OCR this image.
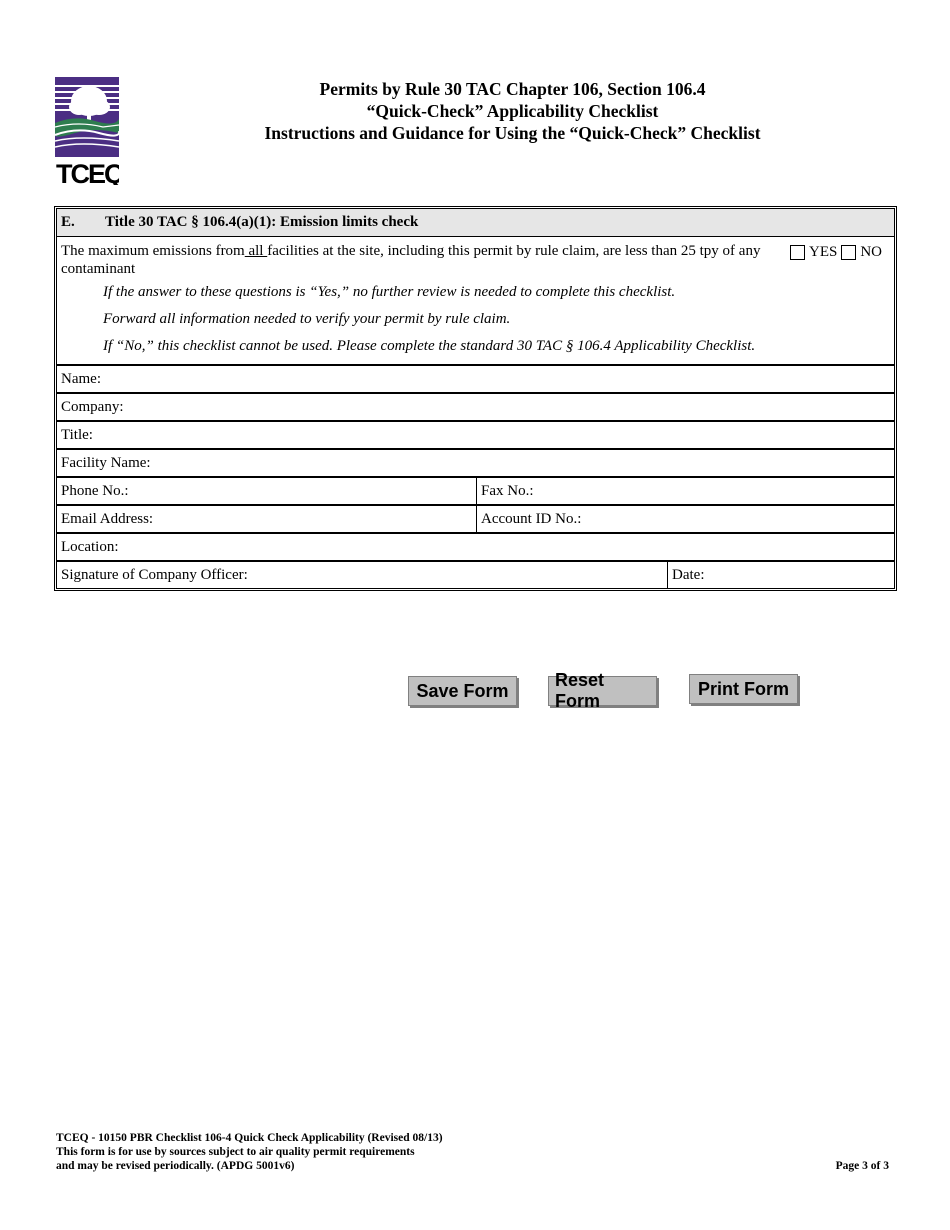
TCEQ
Permits by Rule 30 TAC Chapter 106, Section 106.4
“Quick-Check” Applicability Checklist
Instructions and Guidance for Using the “Quick-Check” Checklist
E.	Title 30 TAC § 106.4(a)(1): Emission limits check
The maximum emissions from all facilities at the site, including this permit by rule claim, are less than 25 tpy of any contaminant
YES NO
If the answer to these questions is “Yes,” no further review is needed to complete this checklist.
Forward all information needed to verify your permit by rule claim.
If “No,” this checklist cannot be used. Please complete the standard 30 TAC § 106.4 Applicability Checklist.
Name:
Company:
Title:
Facility Name:
Phone No.:	Fax No.:
Email Address:	Account ID No.:
Location:
Signature of Company Officer:	Date:
Save Form
Reset Form
Print Form
TCEQ - 10150 PBR Checklist 106-4 Quick Check Applicability (Revised 08/13)
This form is for use by sources subject to air quality permit requirements
and may be revised periodically. (APDG 5001v6)	Page 3 of 3
